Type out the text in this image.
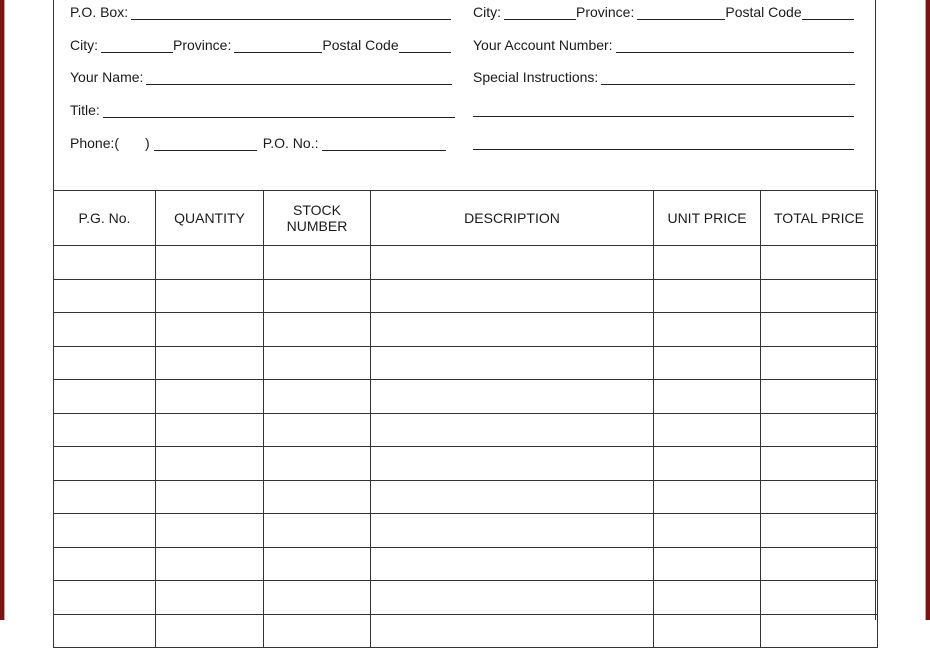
P.O. Box:
City:	Province:	Postal Code
Your Name:
Title:
Phone:( )	P.O. No.:
City:	Province:	Postal Code
Your Account Number:
Special Instructions:
P.G. No.	QUANTITY	STOCK NUMBER	DESCRIPTION	UNIT PRICE	TOTAL PRICE
